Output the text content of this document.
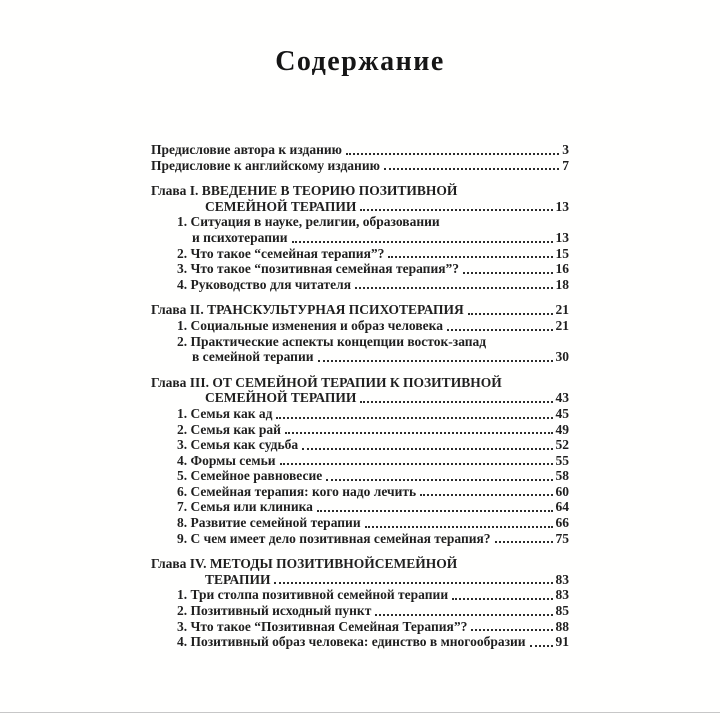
Содержание
Предисловие автора к изданию	3
Предисловие к английскому изданию	7
Глава I. ВВЕДЕНИЕ В ТЕОРИЮ ПОЗИТИВНОЙ
СЕМЕЙНОЙ ТЕРАПИИ	13
1. Ситуация в науке, религии, образовании
и психотерапии	13
2. Что такое “семейная терапия”?	15
3. Что такое “позитивная семейная терапия”?	16
4. Руководство для читателя	18
Глава II. ТРАНСКУЛЬТУРНАЯ ПСИХОТЕРАПИЯ	21
1. Социальные изменения и образ человека	21
2. Практические аспекты концепции восток-запад
в семейной терапии	30
Глава III. ОТ СЕМЕЙНОЙ ТЕРАПИИ К ПОЗИТИВНОЙ
СЕМЕЙНОЙ ТЕРАПИИ	43
1. Семья как ад	45
2. Семья как рай	49
3. Семья как судьба	52
4. Формы семьи	55
5. Семейное равновесие	58
6. Семейная терапия: кого надо лечить	60
7. Семья или клиника	64
8. Развитие семейной терапии	66
9. С чем имеет дело позитивная семейная терапия?	75
Глава IV. МЕТОДЫ ПОЗИТИВНОЙСЕМЕЙНОЙ
ТЕРАПИИ	83
1. Три столпа позитивной семейной терапии	83
2. Позитивный исходный пункт	85
3. Что такое “Позитивная Семейная Терапия”?	88
4. Позитивный образ человека: единство в многообразии 91
